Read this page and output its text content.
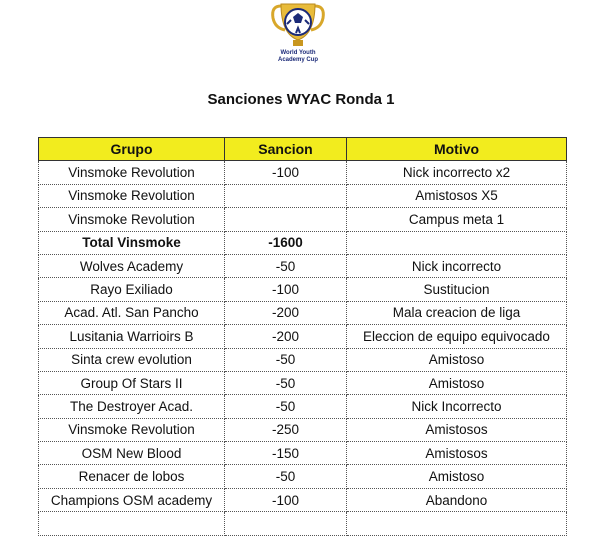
World Youth
Academy Cup
Sanciones WYAC Ronda 1
Grupo	Sancion	Motivo
Vinsmoke Revolution	-100	Nick incorrecto x2
Vinsmoke Revolution		Amistosos X5
Vinsmoke Revolution		Campus meta 1
Total Vinsmoke	-1600	
Wolves Academy	-50	Nick incorrecto
Rayo Exiliado	-100	Sustitucion
Acad. Atl. San Pancho	-200	Mala creacion de liga
Lusitania Warrioirs B	-200	Eleccion de equipo equivocado
Sinta crew evolution	-50	Amistoso
Group Of Stars II	-50	Amistoso
The Destroyer Acad.	-50	Nick Incorrecto
Vinsmoke Revolution	-250	Amistosos
OSM New Blood	-150	Amistosos
Renacer de lobos	-50	Amistoso
Champions OSM academy	-100	Abandono
